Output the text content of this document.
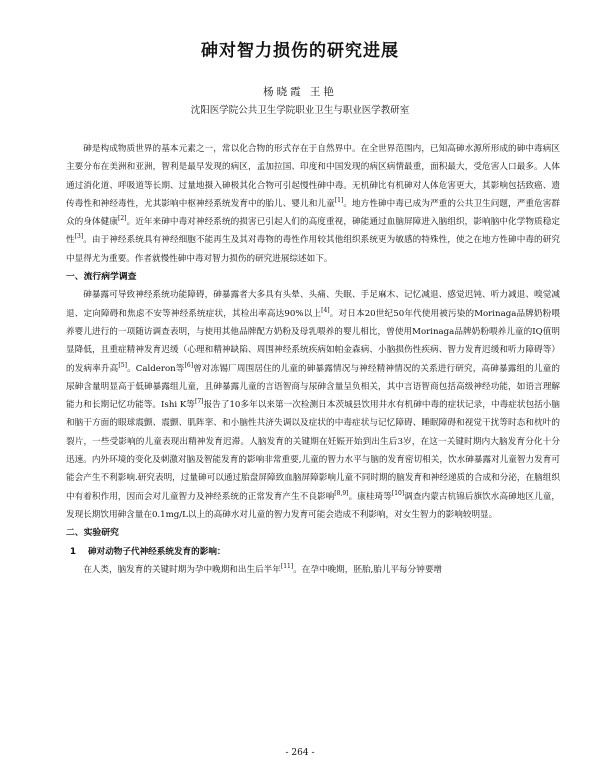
砷对智力损伤的研究进展
杨晓霞 王艳
沈阳医学院公共卫生学院职业卫生与职业医学教研室

砷是构成物质世界的基本元素之一，常以化合物的形式存在于自然界中。在全世界范围内，已知高砷水源所形成的砷中毒病区主要分布在美洲和亚洲，智利是最早发现的病区，孟加拉国、印度和中国发现的病区病情最重，面积最大，受危害人口最多。人体通过消化道、呼吸道等长期、过量地摄入砷极其化合物可引起慢性砷中毒。无机砷比有机砷对人体危害更大，其影响包括致癌、遗传毒性和神经毒性，尤其影响中枢神经系统发育中的胎儿、婴儿和儿童[1]。地方性砷中毒已成为严重的公共卫生问题，严重危害群众的身体健康[2]。近年来砷中毒对神经系统的损害已引起人们的高度重视，砷能通过血脑屏障进入脑组织，影响脑中化学物质稳定性[3]。由于神经系统具有神经细胞不能再生及其对毒物的毒性作用较其他组织系统更为敏感的特殊性，使之在地方性砷中毒的研究中显得尤为重要。作者就慢性砷中毒对智力损伤的研究进展综述如下。

一、流行病学调查

砷暴露可导致神经系统功能障碍，砷暴露者大多具有头晕、头痛、失眠、手足麻木、记忆减退、感觉迟钝、听力减退、嗅觉减退、定向障碍和焦虑不安等神经系统症状，其检出率高达90%以上[4]。对日本20世纪50年代使用被污染的Morinaga品牌奶粉喂养婴儿进行的一项随访调查表明，与使用其他品牌配方奶粉及母乳喂养的婴儿相比，曾使用Morinaga品牌奶粉喂养儿童的IQ值明显降低，且重症精神发育迟缓（心理和精神缺陷、周围神经系统疾病如帕金森病、小脑损伤性疾病、智力发育迟缓和听力障碍等）的发病率升高[5]。Calderon等[6]曾对冻锡厂周围居住的儿童的砷暴露情况与神经精神情况的关系进行研究，高砷暴露组的儿童的尿砷含量明显高于低砷暴露组儿童，且砷暴露儿童的言语智商与尿砷含量呈负相关，其中言语智商包括高级神经功能，如语言理解能力和长期记忆功能等。Ishi K等[7]报告了10多年以来第一次检测日本茨城县饮用井水有机砷中毒的症状记录，中毒症状包括小脑和脑干方面的眼球震颤、震颤、肌阵挛、和小脑性共济失调以及症状的中毒症状与记忆障碍、睡眠障碍和视觉干扰等时态和枕叶的裂片，一些受影响的儿童表现出精神发育迟滞。人脑发育的关键期在妊娠开始到出生后3岁，在这一关键时期内大脑发育分化十分迅速。内外环境的变化及刺激对脑及智能发育的影响非常重要,儿童的智力水平与脑的发育密切相关，饮水砷暴露对儿童智力发育可能会产生不利影响.研究表明，过量砷可以通过胎盘屏障致血脑屏障影响儿童不同时期的脑发育和神经递质的合成和分泌，在脑组织中有着积作用，因而会对儿童智力及神经系统的正常发育产生不良影响[8,9]。康桂琦等[10]调查内蒙古杭锦后旗饮水高砷地区儿童，发现长期饮用砷含量在0.1mg/L以上的高砷水对儿童的智力发育可能会造成不利影响，对女生智力的影响较明显。

二、实验研究
1 砷对动物子代神经系统发育的影响：

在人类，脑发育的关键时期为孕中晚期和出生后半年[11]。在孕中晚期，胚胎,胎儿平每分钟要增

- 264 -
